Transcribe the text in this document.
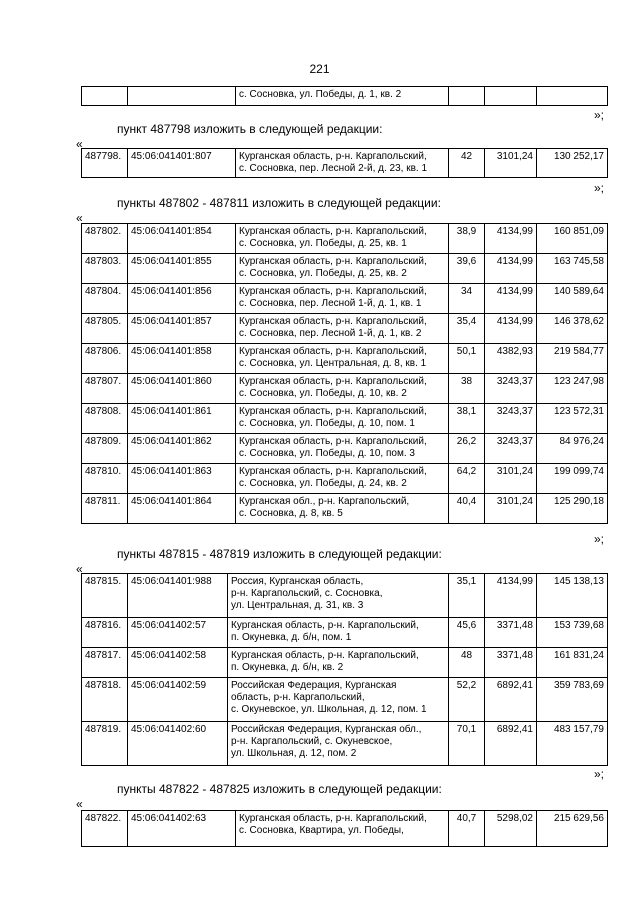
221
		с. Сосновка, ул. Победы, д. 1, кв. 2			
»;
пункт 487798 изложить в следующей редакции:
«
487798.	45:06:041401:807	Курганская область, р-н. Каргапольский,
с. Сосновка, пер. Лесной 2-й, д. 23, кв. 1
	42	3101,24	130 252,17
»;
пункты 487802 - 487811 изложить в следующей редакции:
«
487802.	45:06:041401:854	Курганская область, р-н. Каргапольский,
с. Сосновка, ул. Победы, д. 25, кв. 1	38,9	4134,99	160 851,09
487803.	45:06:041401:855	Курганская область, р-н. Каргапольский,
с. Сосновка, ул. Победы, д. 25, кв. 2	39,6	4134,99	163 745,58
487804.	45:06:041401:856	Курганская область, р-н. Каргапольский,
с. Сосновка, пер. Лесной 1-й, д. 1, кв. 1	34	4134,99	140 589,64
487805.	45:06:041401:857	Курганская область, р-н. Каргапольский,
с. Сосновка, пер. Лесной 1-й, д. 1, кв. 2	35,4	4134,99	146 378,62
487806.	45:06:041401:858	Курганская область, р-н. Каргапольский,
с. Сосновка, ул. Центральная, д. 8, кв. 1	50,1	4382,93	219 584,77
487807.	45:06:041401:860	Курганская область, р-н. Каргапольский,
с. Сосновка, ул. Победы, д. 10, кв. 2	38	3243,37	123 247,98
487808.	45:06:041401:861	Курганская область, р-н. Каргапольский,
с. Сосновка, ул. Победы, д. 10, пом. 1	38,1	3243,37	123 572,31
487809.	45:06:041401:862	Курганская область, р-н. Каргапольский,
с. Сосновка, ул. Победы, д. 10, пом. 3	26,2	3243,37	84 976,24
487810.	45:06:041401:863	Курганская область, р-н. Каргапольский,
с. Сосновка, ул. Победы, д. 24, кв. 2	64,2	3101,24	199 099,74
487811.	45:06:041401:864	Курганская обл., р-н. Каргапольский,
с. Сосновка, д. 8, кв. 5	40,4	3101,24	125 290,18
»;
пункты 487815 - 487819 изложить в следующей редакции:
«
487815.	45:06:041401:988	Россия, Курганская область,
р-н. Каргапольский, с. Сосновка,
ул. Центральная, д. 31, кв. 3	35,1	4134,99	145 138,13
487816.	45:06:041402:57	Курганская область, р-н. Каргапольский,
п. Окуневка, д. б/н, пом. 1	45,6	3371,48	153 739,68
487817.	45:06:041402:58	Курганская область, р-н. Каргапольский,
п. Окуневка, д. б/н, кв. 2	48	3371,48	161 831,24
487818.	45:06:041402:59	Российская Федерация, Курганская
область, р-н. Каргапольский,
с. Окуневское, ул. Школьная, д. 12, пом. 1	52,2	6892,41	359 783,69
487819.	45:06:041402:60	Российская Федерация, Курганская обл.,
р-н. Каргапольский, с. Окуневское,
ул. Школьная, д. 12, пом. 2	70,1	6892,41	483 157,79
»;
пункты 487822 - 487825 изложить в следующей редакции:
«
487822.	45:06:041402:63	Курганская область, р-н. Каргапольский,
с. Сосновка, Квартира, ул. Победы,
	40,7	5298,02	215 629,56
